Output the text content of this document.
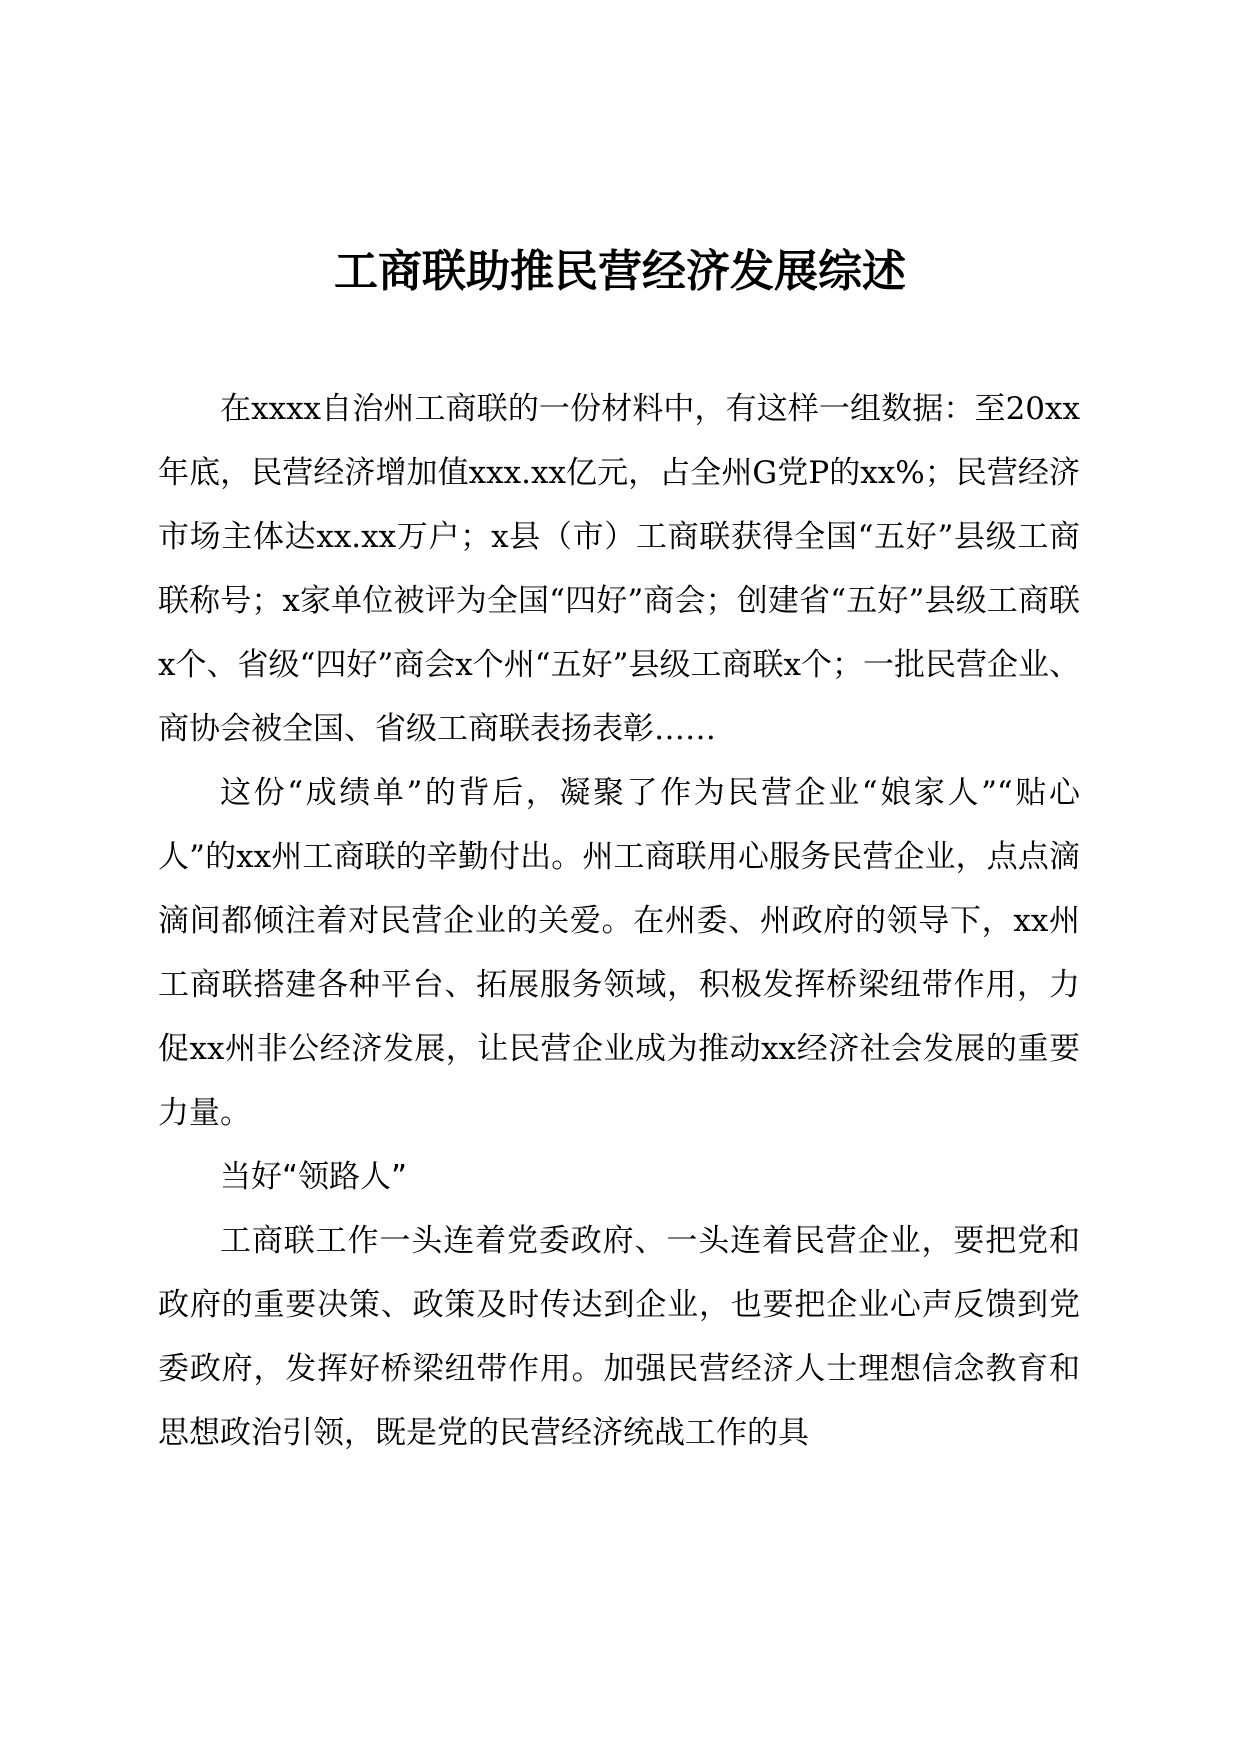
工商联助推民营经济发展综述

在xxxx自治州工商联的一份材料中，有这样一组数据：至20xx年底，民营经济增加值xxx.xx亿元，占全州G党P的xx%；民营经济市场主体达xx.xx万户；x县（市）工商联获得全国“五好”县级工商联称号；x家单位被评为全国“四好”商会；创建省“五好”县级工商联x个、省级“四好”商会x个州“五好”县级工商联x个；一批民营企业、商协会被全国、省级工商联表扬表彰……

这份“成绩单”的背后，凝聚了作为民营企业“娘家人”“贴心人”的xx州工商联的辛勤付出。州工商联用心服务民营企业，点点滴滴间都倾注着对民营企业的关爱。在州委、州政府的领导下，xx州工商联搭建各种平台、拓展服务领域，积极发挥桥梁纽带作用，力促xx州非公经济发展，让民营企业成为推动xx经济社会发展的重要力量。

当好“领路人”

工商联工作一头连着党委政府、一头连着民营企业，要把党和政府的重要决策、政策及时传达到企业，也要把企业心声反馈到党委政府，发挥好桥梁纽带作用。加强民营经济人士理想信念教育和思想政治引领，既是党的民营经济统战工作的具
